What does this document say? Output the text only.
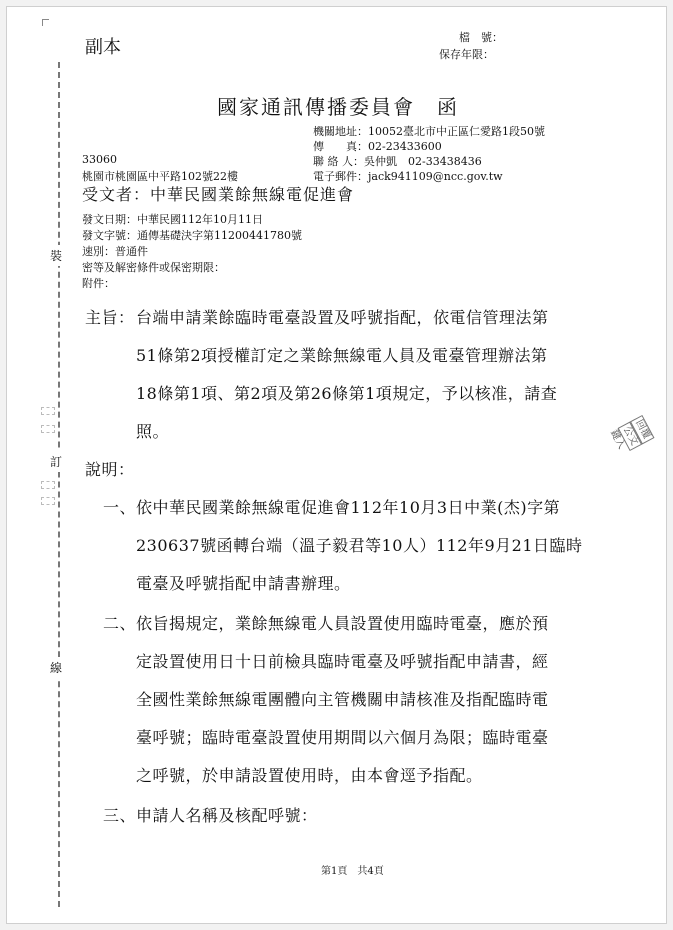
裝
訂
線
副本	檔　號：
保存年限：
國家通訊傳播委員會　函
機關地址：10052臺北市中正區仁愛路1段50號
傳　　真：02-23433600
聯 絡 人：吳仲凱　02-33438436
電子郵件：jack941109@ncc.gov.tw
33060
桃園市桃園區中平路102號22樓
受文者：中華民國業餘無線電促進會
發文日期：中華民國112年10月11日
發文字號：通傳基礎決字第11200441780號
速別：普通件
密等及解密條件或保密期限：
附件：
主旨： 台端申請業餘臨時電臺設置及呼號指配，依電信管理法第
51條第2項授權訂定之業餘無線電人員及電臺管理辦法第
18條第1項、第2項及第26條第1項規定，予以核准，請查
照。
說明：
一、 依中華民國業餘無線電促進會112年10月3日中業(杰)字第
230637號函轉台端（溫子毅君等10人）112年9月21日臨時
電臺及呼號指配申請書辦理。
二、 依旨揭規定，業餘無線電人員設置使用臨時電臺，應於預
定設置使用日十日前檢具臨時電臺及呼號指配申請書，經
全國性業餘無線電團體向主管機關申請核准及指配臨時電
臺呼號；臨時電臺設置使用期間以六個月為限；臨時電臺
之呼號，於申請設置使用時，由本會逕予指配。
三、 申請人名稱及核配呼號：
回覆
公文
鍵入
第1頁　共4頁
